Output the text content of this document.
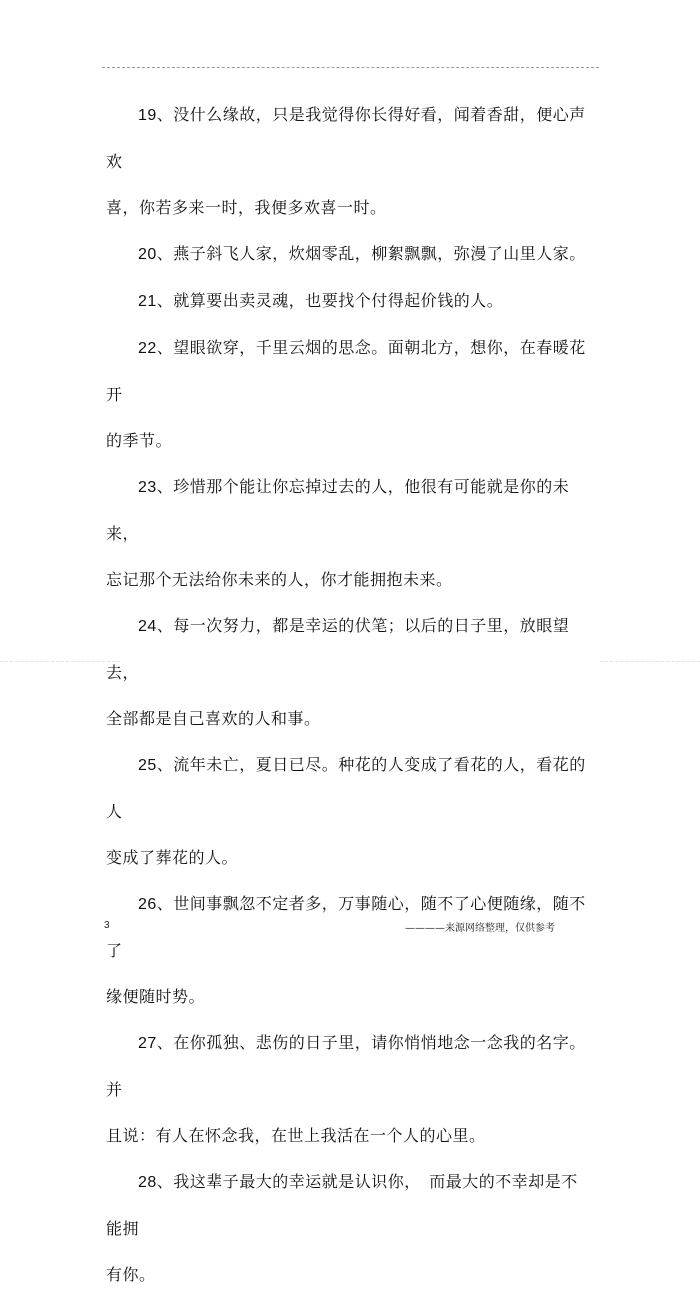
19、没什么缘故，只是我觉得你长得好看，闻着香甜，便心声欢
喜，你若多来一时，我便多欢喜一时。
20、燕子斜飞人家，炊烟零乱，柳絮飘飘，弥漫了山里人家。
21、就算要出卖灵魂，也要找个付得起价钱的人。
22、望眼欲穿，千里云烟的思念。面朝北方，想你，在春暖花开
的季节。
23、珍惜那个能让你忘掉过去的人，他很有可能就是你的未来，
忘记那个无法给你未来的人，你才能拥抱未来。
24、每一次努力，都是幸运的伏笔；以后的日子里，放眼望去，
全部都是自己喜欢的人和事。
25、流年未亡，夏日已尽。种花的人变成了看花的人，看花的人
变成了葬花的人。
26、世间事飘忽不定者多，万事随心，随不了心便随缘，随不了
缘便随时势。
27、在你孤独、悲伤的日子里，请你悄悄地念一念我的名字。并
且说：有人在怀念我，在世上我活在一个人的心里。
28、我这辈子最大的幸运就是认识你，　而最大的不幸却是不能拥
有你。
3	————来源网络整理，仅供参考
